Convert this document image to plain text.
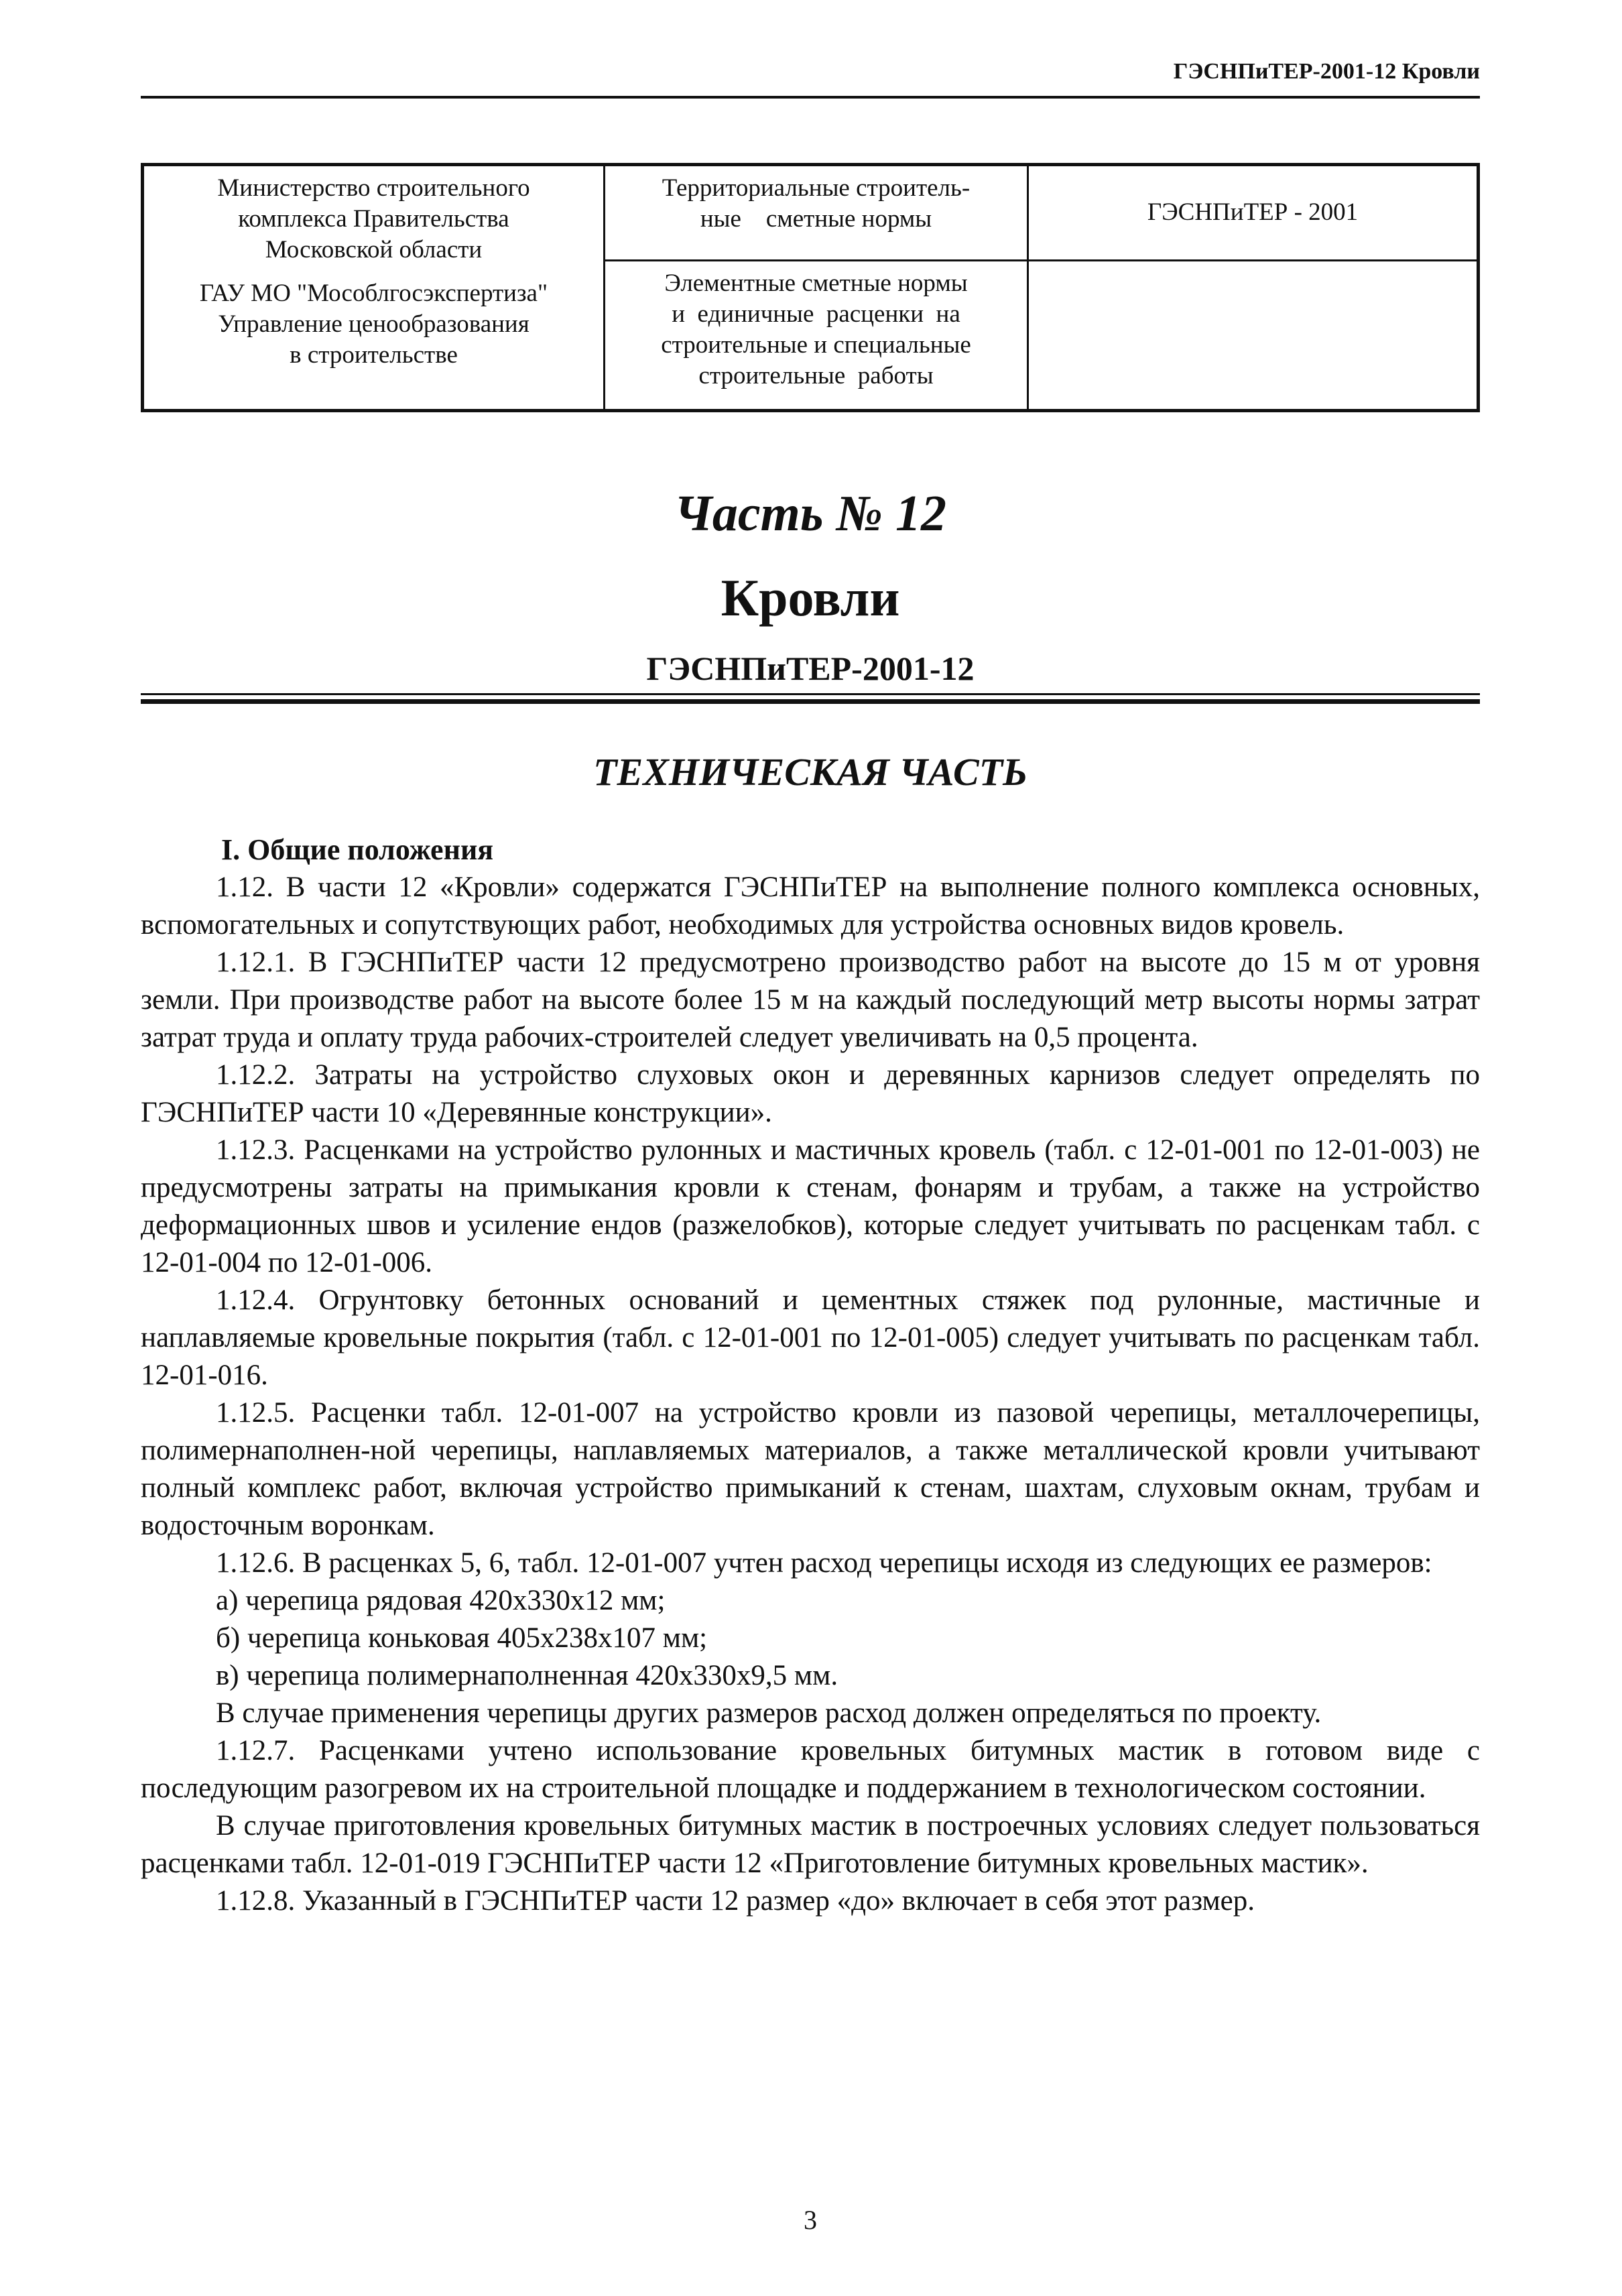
ГЭСНПиТЕР-2001-12 Кровли
Министерство строительного
комплекса Правительства
Московской области
ГАУ МО "Мособлгосэкспертиза"
Управление ценообразования
в строительстве
Территориальные строитель-
ные    сметные нормы
Элементные сметные нормы
и  единичные  расценки  на
строительные и специальные
строительные  работы
ГЭСНПиТЕР - 2001
Часть № 12
Кровли
ГЭСНПиТЕР-2001-12
ТЕХНИЧЕСКАЯ ЧАСТЬ
I. Общие положения

1.12. В части 12 «Кровли» содержатся ГЭСНПиТЕР на выполнение полного комплекса основных, вспомогательных и сопутствующих работ, необходимых для устройства основных видов кровель.

1.12.1. В ГЭСНПиТЕР части 12 предусмотрено производство работ на высоте до 15 м от уровня земли. При производстве работ на высоте более 15 м на каждый последующий метр высоты нормы затрат затрат труда и оплату труда рабочих-строителей следует увеличивать на 0,5 процента.

1.12.2. Затраты на устройство слуховых окон и деревянных карнизов следует определять по ГЭСНПиТЕР части 10 «Деревянные конструкции».

1.12.3. Расценками на устройство рулонных и мастичных кровель (табл. с 12-01-001 по 12-01-003) не предусмотрены затраты на примыкания кровли к стенам, фонарям и трубам, а также на устройство деформационных швов и усиление ендов (разжелобков), которые следует учитывать по расценкам табл. с 12-01-004 по 12-01-006.

1.12.4. Огрунтовку бетонных оснований и цементных стяжек под рулонные, мастичные и наплавляемые кровельные покрытия (табл. с 12-01-001 по 12-01-005) следует учитывать по расценкам табл. 12-01-016.

1.12.5. Расценки табл. 12-01-007 на устройство кровли из пазовой черепицы, металлочерепицы, полимернаполнен-ной черепицы, наплавляемых материалов, а также металлической кровли учитывают полный комплекс работ, включая устройство примыканий к стенам, шахтам, слуховым окнам, трубам и водосточным воронкам.

1.12.6. В расценках 5, 6, табл. 12-01-007 учтен расход черепицы исходя из следующих ее размеров:

а) черепица рядовая 420х330х12 мм;

б) черепица коньковая 405х238х107 мм;

в) черепица полимернаполненная 420х330х9,5 мм.

В случае применения черепицы других размеров расход должен определяться по проекту.

1.12.7. Расценками учтено использование кровельных битумных мастик в готовом виде с последующим разогревом их на строительной площадке и поддержанием в технологическом состоянии.

В случае приготовления кровельных битумных мастик в построечных условиях следует пользоваться расценками табл. 12-01-019 ГЭСНПиТЕР части 12 «Приготовление битумных кровельных мастик».

1.12.8. Указанный в ГЭСНПиТЕР части 12 размер «до» включает в себя этот размер.

3
